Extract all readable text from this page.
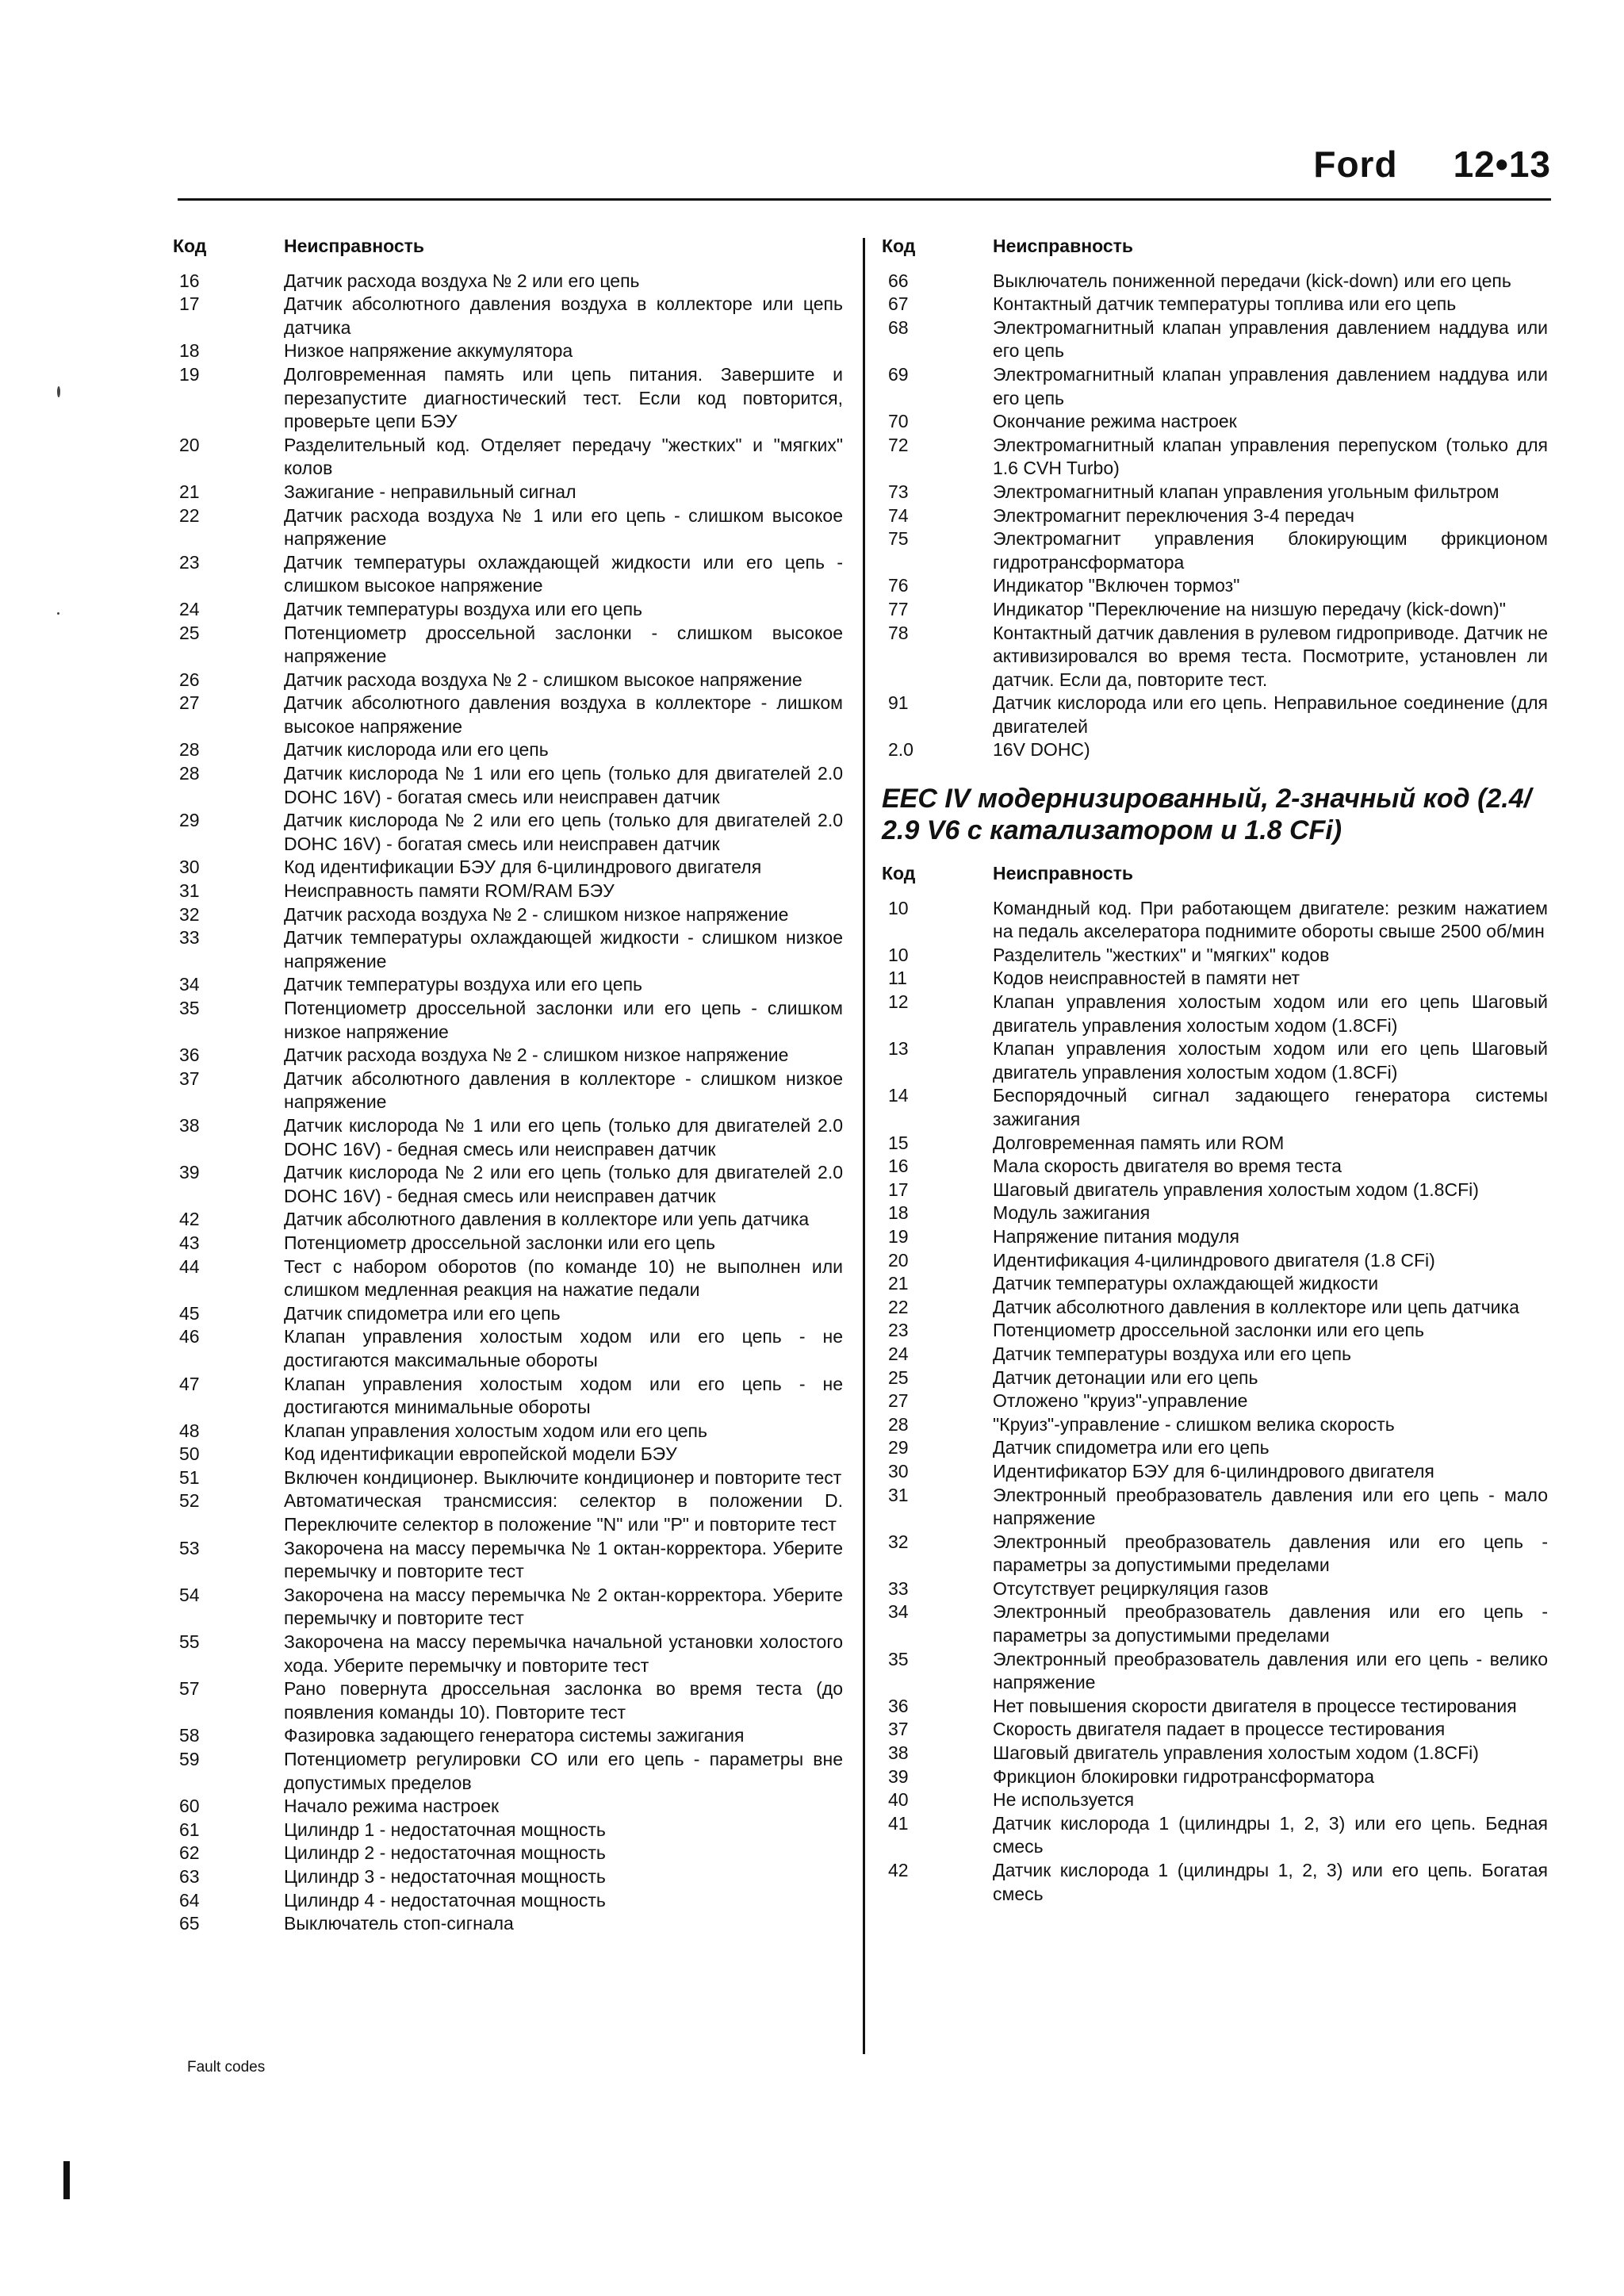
Ford 12•13
Код	Неисправность
16	Датчик расхода воздуха № 2 или его цепь
17	Датчик абсолютного давления воздуха в коллекторе или цепь датчика
18	Низкое напряжение аккумулятора
19	Долговременная память или цепь питания. Завершите и перезапустите диагностический тест. Если код повторится, проверьте цепи БЭУ
20	Разделительный код. Отделяет передачу "жестких" и "мягких" колов
21	Зажигание - неправильный сигнал
22	Датчик расхода воздуха № 1 или его цепь - слишком высокое напряжение
23	Датчик температуры охлаждающей жидкости или его цепь - слишком высокое напряжение
24	Датчик температуры воздуха или его цепь
25	Потенциометр дроссельной заслонки - слишком высокое напряжение
26	Датчик расхода воздуха № 2 - слишком высокое напряжение
27	Датчик абсолютного давления воздуха в коллекторе - лишком высокое напряжение
28	Датчик кислорода или его цепь
28	Датчик кислорода № 1 или его цепь (только для двигателей 2.0 DOHC 16V) - богатая смесь или неисправен датчик
29	Датчик кислорода № 2 или его цепь (только для двигателей 2.0 DOHC 16V) - богатая смесь или неисправен датчик
30	Код идентификации БЭУ для 6-цилиндрового двигателя
31	Неисправность памяти ROM/RAM БЭУ
32	Датчик расхода воздуха № 2 - слишком низкое напряжение
33	Датчик температуры охлаждающей жидкости - слишком низкое напряжение
34	Датчик температуры воздуха или его цепь
35	Потенциометр дроссельной заслонки или его цепь - слишком низкое напряжение
36	Датчик расхода воздуха № 2 - слишком низкое напряжение
37	Датчик абсолютного давления в коллекторе - слишком низкое напряжение
38	Датчик кислорода № 1 или его цепь (только для двигателей 2.0 DOHC 16V) - бедная смесь или неисправен датчик
39	Датчик кислорода № 2 или его цепь (только для двигателей 2.0 DOHC 16V) - бедная смесь или неисправен датчик
42	Датчик абсолютного давления в коллекторе или уепь датчика
43	Потенциометр дроссельной заслонки или его цепь
44	Тест с набором оборотов (по команде 10) не выполнен или слишком медленная реакция на нажатие педали
45	Датчик спидометра или его цепь
46	Клапан управления холостым ходом или его цепь - не достигаются максимальные обороты
47	Клапан управления холостым ходом или его цепь - не достигаются минимальные обороты
48	Клапан управления холостым ходом или его цепь
50	Код идентификации европейской модели БЭУ
51	Включен кондиционер. Выключите кондиционер и повторите тест
52	Автоматическая трансмиссия: селектор в положении D. Переключите селектор в положение "N" или "P" и повторите тест
53	Закорочена на массу перемычка № 1 октан-корректора. Уберите перемычку и повторите тест
54	Закорочена на массу перемычка № 2 октан-корректора. Уберите перемычку и повторите тест
55	Закорочена на массу перемычка начальной установки холостого хода. Уберите перемычку и повторите тест
57	Рано повернута дроссельная заслонка во время теста (до появления команды 10). Повторите тест
58	Фазировка задающего генератора системы зажигания
59	Потенциометр регулировки CO или его цепь - параметры вне допустимых пределов
60	Начало режима настроек
61	Цилиндр 1 - недостаточная мощность
62	Цилиндр 2 - недостаточная мощность
63	Цилиндр 3 - недостаточная мощность
64	Цилиндр 4 - недостаточная мощность
65	Выключатель стоп-сигнала
Код	Неисправность
66	Выключатель пониженной передачи (kick-down) или его цепь
67	Контактный датчик температуры топлива или его цепь
68	Электромагнитный клапан управления давлением наддува или его цепь
69	Электромагнитный клапан управления давлением наддува или его цепь
70	Окончание режима настроек
72	Электромагнитный клапан управления перепуском (только для 1.6 CVH Turbo)
73	Электромагнитный клапан управления угольным фильтром
74	Электромагнит переключения 3-4 передач
75	Электромагнит управления блокирующим фрикционом гидротрансформатора
76	Индикатор "Включен тормоз"
77	Индикатор "Переключение на низшую передачу (kick-down)"
78	Контактный датчик давления в рулевом гидроприводе. Датчик не активизировался во время теста. Посмотрите, установлен ли датчик. Если да, повторите тест.
91	Датчик кислорода или его цепь. Неправильное соединение (для двигателей
2.0	16V DOHC)
EEC IV модернизированный, 2-значный код (2.4/ 2.9 V6 с катализатором и 1.8 CFi)
Код	Неисправность
10	Командный код. При работающем двигателе: резким нажатием на педаль акселератора поднимите обороты свыше 2500 об/мин
10	Разделитель "жестких" и "мягких" кодов
11	Кодов неисправностей в памяти нет
12	Клапан управления холостым ходом или его цепь Шаговый двигатель управления холостым ходом (1.8CFi)
13	Клапан управления холостым ходом или его цепь Шаговый двигатель управления холостым ходом (1.8CFi)
14	Беспорядочный сигнал задающего генератора системы зажигания
15	Долговременная память или ROM
16	Мала скорость двигателя во время теста
17	Шаговый двигатель управления холостым ходом (1.8CFi)
18	Модуль зажигания
19	Напряжение питания модуля
20	Идентификация 4-цилиндрового двигателя (1.8 CFi)
21	Датчик температуры охлаждающей жидкости
22	Датчик абсолютного давления в коллекторе или цепь датчика
23	Потенциометр дроссельной заслонки или его цепь
24	Датчик температуры воздуха или его цепь
25	Датчик детонации или его цепь
27	Отложено "круиз"-управление
28	"Круиз"-управление - слишком велика скорость
29	Датчик спидометра или его цепь
30	Идентификатор БЭУ для 6-цилиндрового двигателя
31	Электронный преобразователь давления или его цепь - мало напряжение
32	Электронный преобразователь давления или его цепь - параметры за допустимыми пределами
33	Отсутствует рециркуляция газов
34	Электронный преобразователь давления или его цепь - параметры за допустимыми пределами
35	Электронный преобразователь давления или его цепь - велико напряжение
36	Нет повышения скорости двигателя в процессе тестирования
37	Скорость двигателя падает в процессе тестирования
38	Шаговый двигатель управления холостым ходом (1.8CFi)
39	Фрикцион блокировки гидротрансформатора
40	Не используется
41	Датчик кислорода 1 (цилиндры 1, 2, 3) или его цепь. Бедная смесь
42	Датчик кислорода 1 (цилиндры 1, 2, 3) или его цепь. Богатая смесь
Fault codes
